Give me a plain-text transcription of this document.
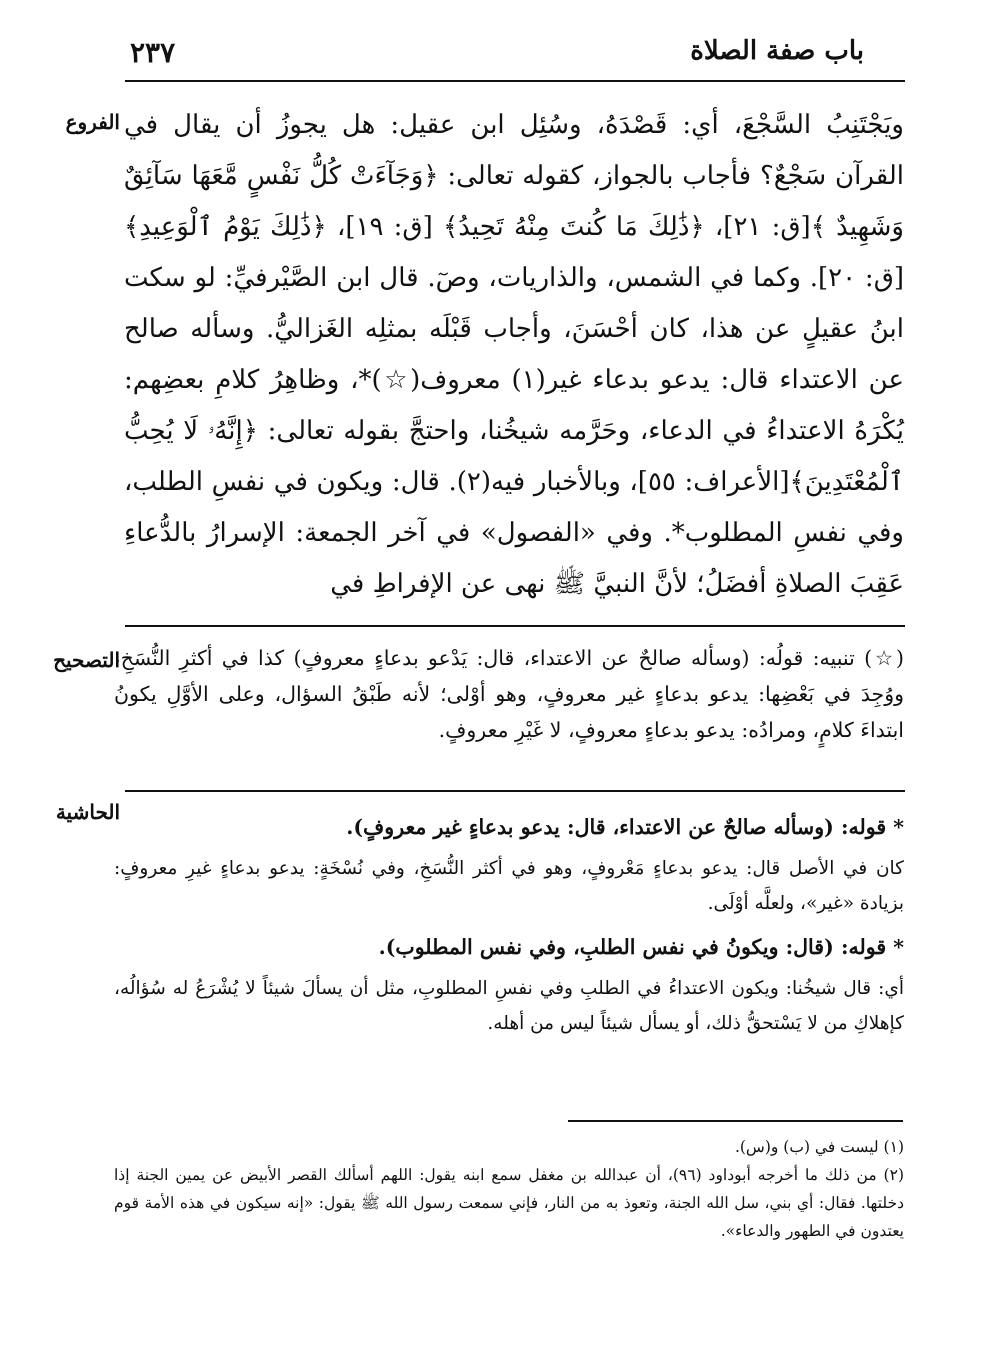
باب صفة الصلاة
٢٣٧
الفروع
التصحيح
الحاشية

ويَجْتَنِبُ السَّجْعَ، أي: قَصْدَهُ، وسُئِل ابن عقيل: هل يجوزُ أن يقال في القرآن سَجْعٌ؟ فأجاب بالجواز، كقوله تعالى: ﴿وَجَآءَتْ كُلُّ نَفْسٍ مَّعَهَا سَآئِقٌ وَشَهِيدٌ ﴾[ق: ٢١]، ﴿ذَٰلِكَ مَا كُنتَ مِنْهُ تَحِيدُ﴾ [ق: ١٩]، ﴿ذَٰلِكَ يَوْمُ ٱلْوَعِيدِ﴾ [ق: ٢٠]. وكما في الشمس، والذاريات، وصٓ. قال ابن الصَّيْرفيِّ: لو سكت ابنُ عقيلٍ عن هذا، كان أحْسَنَ، وأجاب قَبْلَه بمثلِه الغَزاليُّ. وسأله صالح عن الاعتداء قال: يدعو بدعاء غير(١) معروف(☆)*، وظاهِرُ كلامِ بعضِهم: يُكْرَهُ الاعتداءُ في الدعاء، وحَرَّمه شيخُنا، واحتجَّ بقوله تعالى: ﴿إِنَّهُۥ لَا يُحِبُّ ٱلْمُعْتَدِينَ﴾[الأعراف: ٥٥]، وبالأخبار فيه(٢). قال: ويكون في نفسِ الطلب، وفي نفسِ المطلوب*. وفي «الفصول» في آخر الجمعة: الإسرارُ بالدُّعاءِ عَقِبَ الصلاةِ أفضَلُ؛ لأنَّ النبيَّ ﷺ نهى عن الإفراطِ في

(☆) تنبيه: قولُه: (وسأله صالحٌ عن الاعتداء، قال: يَدْعو بدعاءٍ معروفٍ) كذا في أكثرِ النُّسَخِ، ووُجِدَ في بَعْضِها: يدعو بدعاءٍ غير معروفٍ، وهو أوْلى؛ لأنه طَبْقُ السؤال، وعلى الأوَّلِ يكونُ ابتداءَ كلامٍ، ومرادُه: يدعو بدعاءٍ معروفٍ، لا غَيْرِ معروفٍ.

* قوله: (وسأله صالحٌ عن الاعتداء، قال: يدعو بدعاءٍ غير معروفٍ).

كان في الأصل قال: يدعو بدعاءٍ مَعْروفٍ، وهو في أكثر النُّسَخِ، وفي نُسْخَةٍ: يدعو بدعاءٍ غيرِ معروفٍ: بزيادة «غير»، ولعلَّه أوْلَى.

* قوله: (قال: ويكونُ في نفس الطلبِ، وفي نفس المطلوب).

أي: قال شيخُنا: ويكون الاعتداءُ في الطلبِ وفي نفسِ المطلوبِ، مثل أن يسألَ شيئاً لا يُشْرَعُ له سُؤالُه، كإهلاكِ من لا يَسْتحقُّ ذلك، أو يسأل شيئاً ليس من أهله.

(١) ليست في (ب) و(س).

(٢) من ذلك ما أخرجه أبوداود (٩٦)، أن عبدالله بن مغفل سمع ابنه يقول: اللهم أسألك القصر الأبيض عن يمين الجنة إذا دخلتها. فقال: أي بني، سل الله الجنة، وتعوذ به من النار، فإني سمعت رسول الله ﷺ يقول: «إنه سيكون في هذه الأمة قوم يعتدون في الطهور والدعاء».
